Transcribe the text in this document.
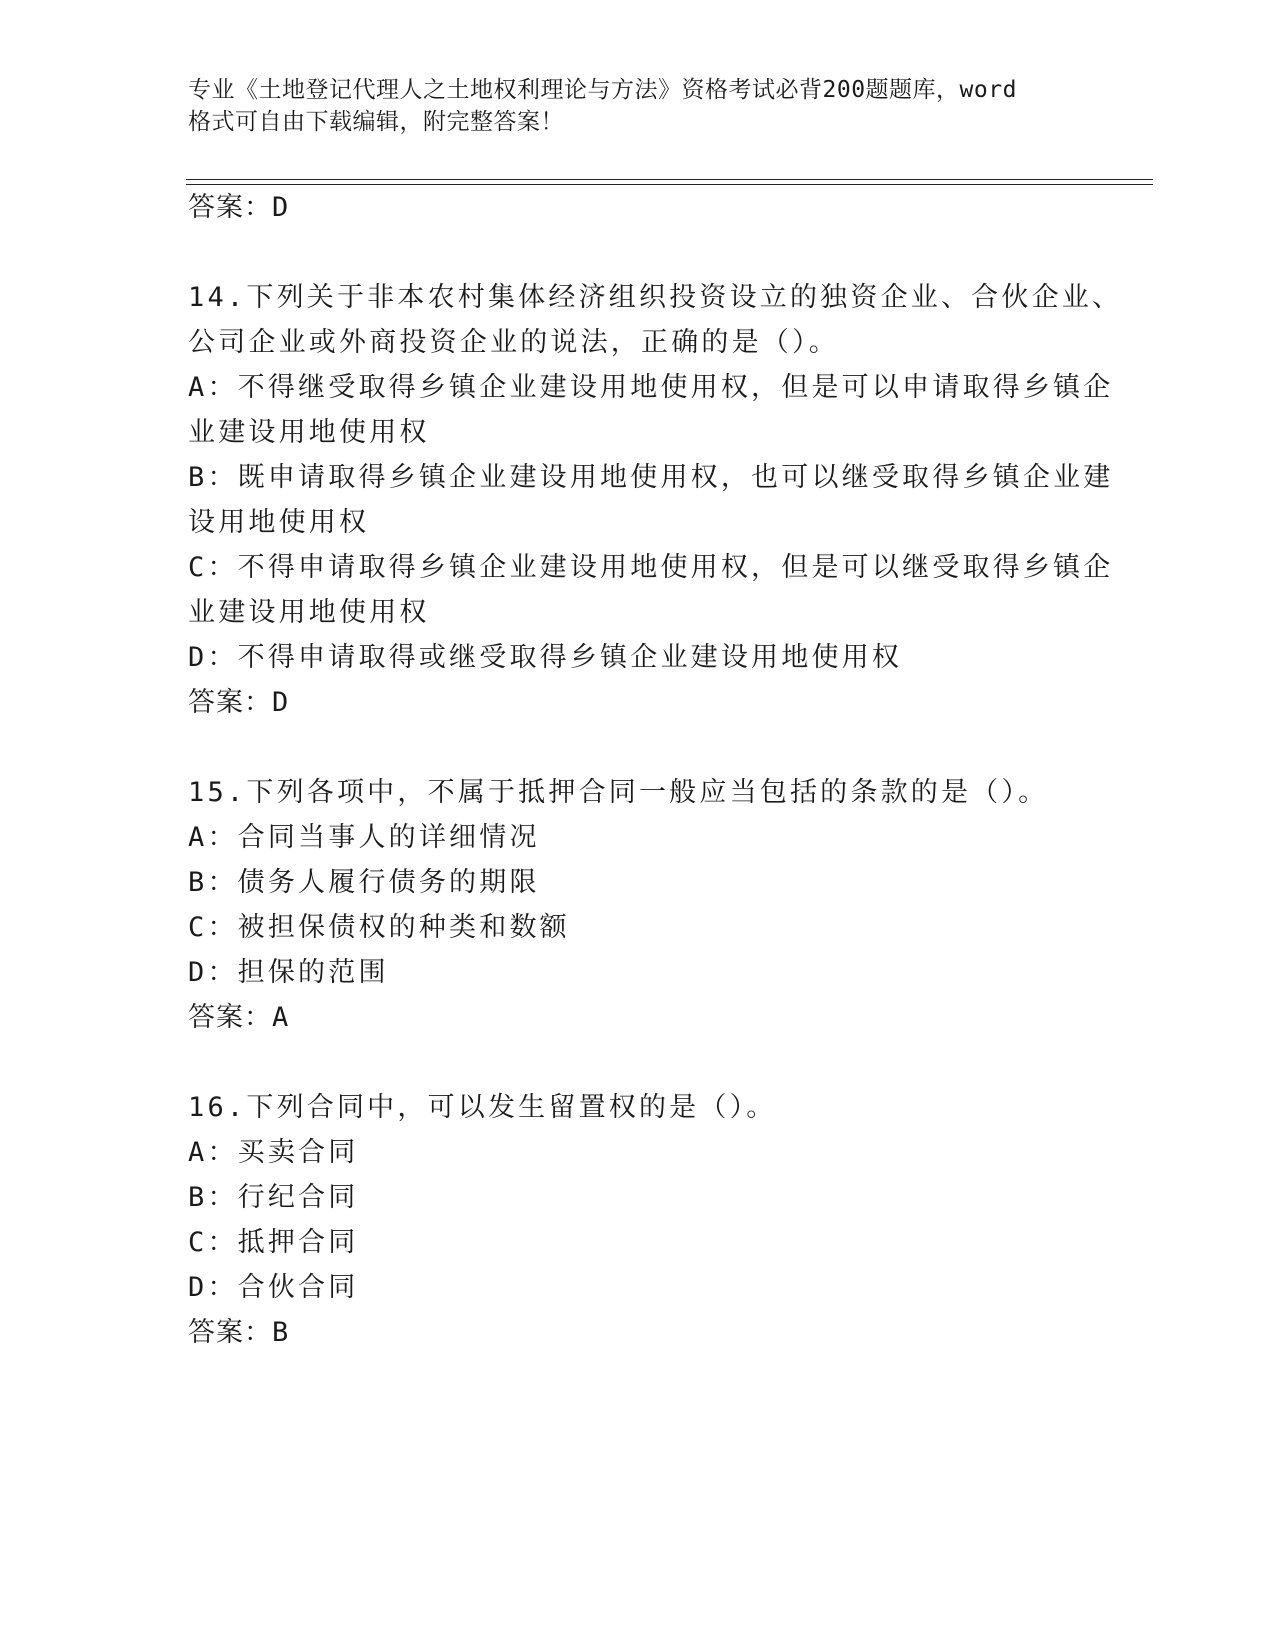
专业《土地登记代理人之土地权利理论与方法》资格考试必背200题题库，word
格式可自由下载编辑，附完整答案！
答案：D
14.下列关于非本农村集体经济组织投资设立的独资企业、合伙企业、
公司企业或外商投资企业的说法，正确的是（）。
A：不得继受取得乡镇企业建设用地使用权，但是可以申请取得乡镇企
业建设用地使用权
B：既申请取得乡镇企业建设用地使用权，也可以继受取得乡镇企业建
设用地使用权
C：不得申请取得乡镇企业建设用地使用权，但是可以继受取得乡镇企
业建设用地使用权
D：不得申请取得或继受取得乡镇企业建设用地使用权
答案：D
15.下列各项中，不属于抵押合同一般应当包括的条款的是（）。
A：合同当事人的详细情况
B：债务人履行债务的期限
C：被担保债权的种类和数额
D：担保的范围
答案：A
16.下列合同中，可以发生留置权的是（）。
A：买卖合同
B：行纪合同
C：抵押合同
D：合伙合同
答案：B
